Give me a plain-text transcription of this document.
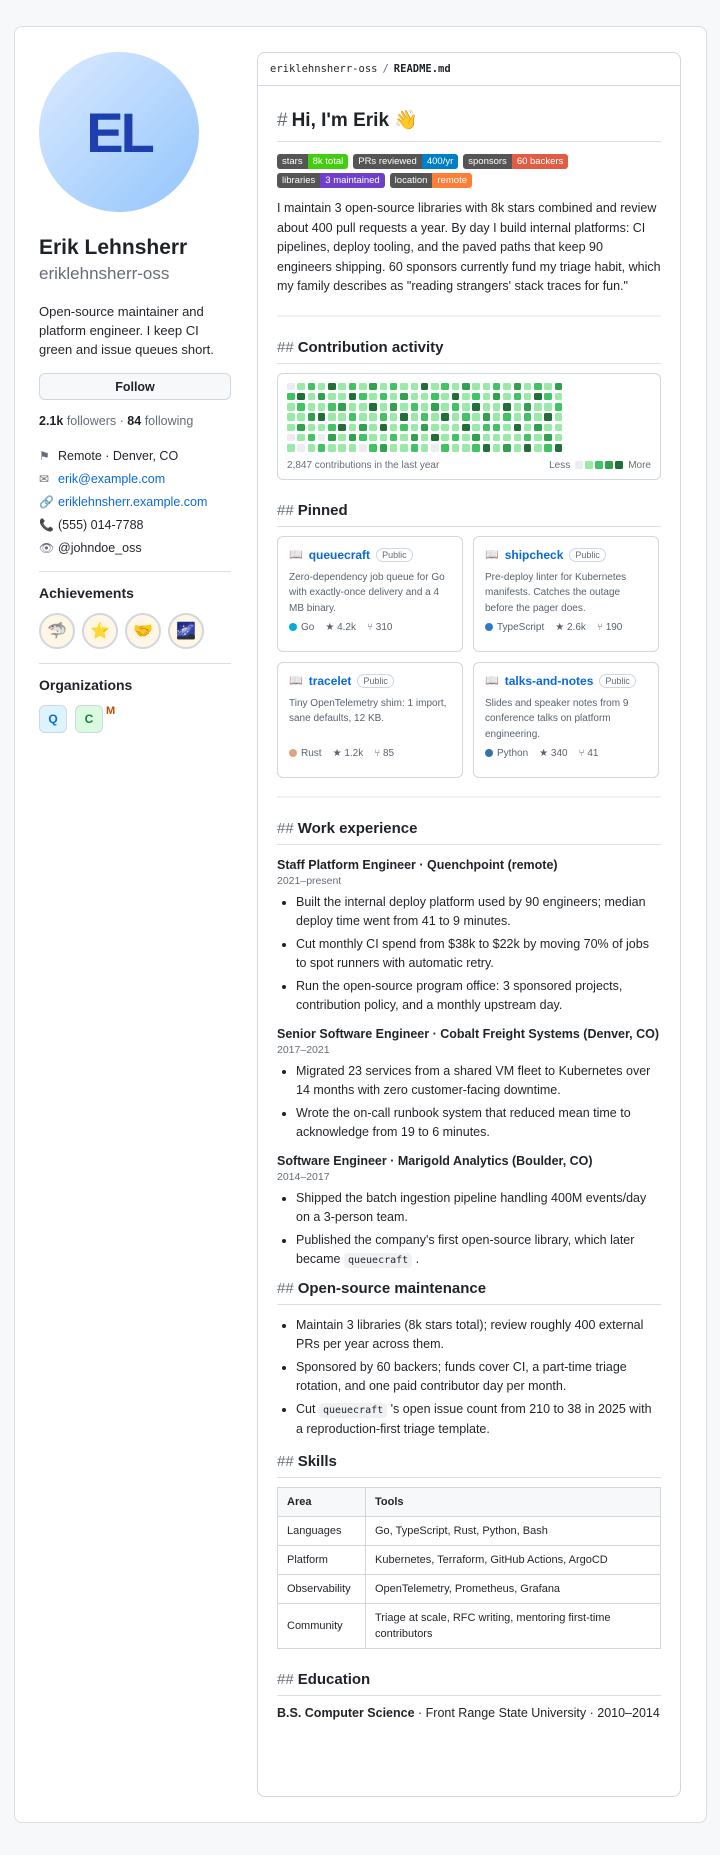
EL
Erik Lehnsherr
eriklehnsherr-oss
Open-source maintainer and platform engineer. I keep CI green and issue queues short.
Follow
2.1k followers · 84 following
⚑ Remote · Denver, CO
✉ erik@example.com
🔗 eriklehnsherr.example.com
📞 (555) 014-7788
👁 @johndoe_oss
Achievements
🦈	⭐	🤝	🌌
Organizations
Q	C
M
eriklehnsherr-oss / README.md
# Hi, I'm Erik 👋
stars	8k total	PRs reviewed	400/yr	sponsors	60 backers
libraries	3 maintained	location	remote

I maintain 3 open-source libraries with 8k stars combined and review about 400 pull requests a year. By day I build internal platforms: CI pipelines, deploy tooling, and the paved paths that keep 90 engineers shipping. 60 sponsors currently fund my triage habit, which my family describes as "reading strangers' stack traces for fun."

## Contribution activity
2,847 contributions in the last year	Less	More
## Pinned
📖 queuecraft	Public
Zero-dependency job queue for Go with exactly-once delivery and a 4 MB binary.
Go ★ 4.2k ⑂ 310
📖 shipcheck	Public
Pre-deploy linter for Kubernetes manifests. Catches the outage before the pager does.
TypeScript ★ 2.6k ⑂ 190
📖 tracelet	Public
Tiny OpenTelemetry shim: 1 import, sane defaults, 12 KB.
Rust ★ 1.2k ⑂ 85
📖 talks-and-notes	Public
Slides and speaker notes from 9 conference talks on platform engineering.
Python ★ 340 ⑂ 41
## Work experience
Staff Platform Engineer · Quenchpoint (remote)
2021–present
• Built the internal deploy platform used by 90 engineers; median deploy time went from 41 to 9 minutes.
• Cut monthly CI spend from $38k to $22k by moving 70% of jobs to spot runners with automatic retry.
• Run the open-source program office: 3 sponsored projects, contribution policy, and a monthly upstream day.
Senior Software Engineer · Cobalt Freight Systems (Denver, CO)
2017–2021
• Migrated 23 services from a shared VM fleet to Kubernetes over 14 months with zero customer-facing downtime.
• Wrote the on-call runbook system that reduced mean time to acknowledge from 19 to 6 minutes.
Software Engineer · Marigold Analytics (Boulder, CO)
2014–2017
• Shipped the batch ingestion pipeline handling 400M events/day on a 3-person team.
• Published the company's first open-source library, which later became queuecraft .
## Open-source maintenance
• Maintain 3 libraries (8k stars total); review roughly 400 external PRs per year across them.
• Sponsored by 60 backers; funds cover CI, a part-time triage rotation, and one paid contributor day per month.
• Cut queuecraft 's open issue count from 210 to 38 in 2025 with a reproduction-first triage template.
## Skills
Area	Tools
Languages	Go, TypeScript, Rust, Python, Bash
Platform	Kubernetes, Terraform, GitHub Actions, ArgoCD
Observability	OpenTelemetry, Prometheus, Grafana
Community	Triage at scale, RFC writing, mentoring first-time contributors
## Education
B.S. Computer Science · Front Range State University · 2010–2014
